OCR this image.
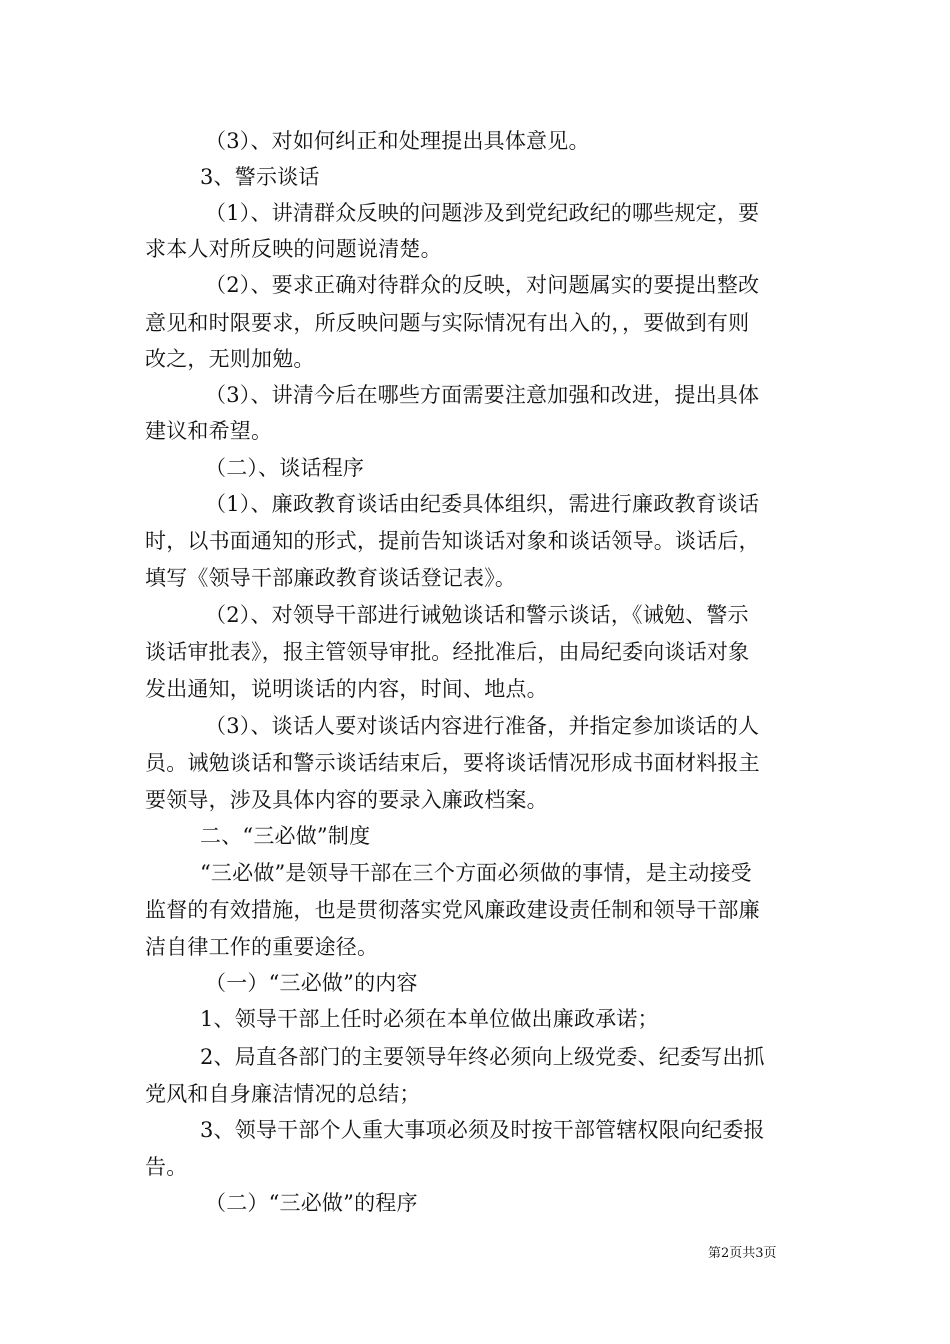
（3）、对如何纠正和处理提出具体意见。
3、警示谈话
（1）、讲清群众反映的问题涉及到党纪政纪的哪些规定，要
求本人对所反映的问题说清楚。
（2）、要求正确对待群众的反映，对问题属实的要提出整改
意见和时限要求，所反映问题与实际情况有出入的，，要做到有则
改之，无则加勉。
（3）、讲清今后在哪些方面需要注意加强和改进，提出具体
建议和希望。
（二）、谈话程序
（1）、廉政教育谈话由纪委具体组织，需进行廉政教育谈话
时，以书面通知的形式，提前告知谈话对象和谈话领导。谈话后，
填写《领导干部廉政教育谈话登记表》。
（2）、对领导干部进行诫勉谈话和警示谈话，《诫勉、警示
谈话审批表》，报主管领导审批。经批准后，由局纪委向谈话对象
发出通知，说明谈话的内容，时间、地点。
（3）、谈话人要对谈话内容进行准备，并指定参加谈话的人
员。诫勉谈话和警示谈话结束后，要将谈话情况形成书面材料报主
要领导，涉及具体内容的要录入廉政档案。
二、“三必做”制度
“三必做”是领导干部在三个方面必须做的事情，是主动接受
监督的有效措施，也是贯彻落实党风廉政建设责任制和领导干部廉
洁自律工作的重要途径。
（一）“三必做”的内容
1、领导干部上任时必须在本单位做出廉政承诺；
2、局直各部门的主要领导年终必须向上级党委、纪委写出抓
党风和自身廉洁情况的总结；
3、领导干部个人重大事项必须及时按干部管辖权限向纪委报
告。
（二）“三必做”的程序
第2页共3页
